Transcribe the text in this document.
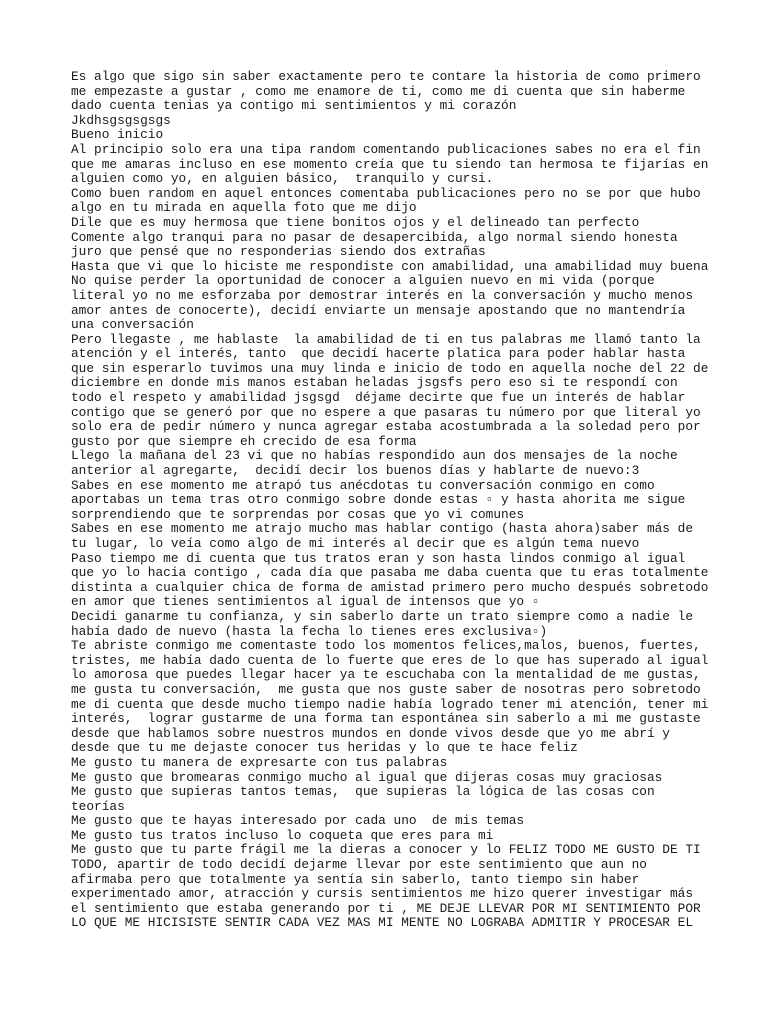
Es algo que sigo sin saber exactamente pero te contare la historia de como primero
me empezaste a gustar , como me enamore de ti, como me di cuenta que sin haberme
dado cuenta tenias ya contigo mi sentimientos y mi corazón
Jkdhsgsgsgsgs
Bueno inicio
Al principio solo era una tipa random comentando publicaciones sabes no era el fin
que me amaras incluso en ese momento creía que tu siendo tan hermosa te fijarías en
alguien como yo, en alguien básico,  tranquilo y cursi.
Como buen random en aquel entonces comentaba publicaciones pero no se por que hubo
algo en tu mirada en aquella foto que me dijo
Dile que es muy hermosa que tiene bonitos ojos y el delineado tan perfecto
Comente algo tranqui para no pasar de desapercibida, algo normal siendo honesta
juro que pensé que no responderias siendo dos extrañas
Hasta que vi que lo hiciste me respondiste con amabilidad, una amabilidad muy buena
No quise perder la oportunidad de conocer a alguien nuevo en mi vida (porque
literal yo no me esforzaba por demostrar interés en la conversación y mucho menos
amor antes de conocerte), decidí enviarte un mensaje apostando que no mantendría
una conversación
Pero llegaste , me hablaste  la amabilidad de ti en tus palabras me llamó tanto la
atención y el interés, tanto  que decidí hacerte platica para poder hablar hasta
que sin esperarlo tuvimos una muy linda e inicio de todo en aquella noche del 22 de
diciembre en donde mis manos estaban heladas jsgsfs pero eso si te respondí con
todo el respeto y amabilidad jsgsgd  déjame decirte que fue un interés de hablar
contigo que se generó por que no espere a que pasaras tu número por que literal yo
solo era de pedir número y nunca agregar estaba acostumbrada a la soledad pero por
gusto por que siempre eh crecido de esa forma
Llego la mañana del 23 vi que no habías respondido aun dos mensajes de la noche
anterior al agregarte,  decidí decir los buenos días y hablarte de nuevo:3
Sabes en ese momento me atrapó tus anécdotas tu conversación conmigo en como
aportabas un tema tras otro conmigo sobre donde estas ▫ y hasta ahorita me sigue
sorprendiendo que te sorprendas por cosas que yo vi comunes
Sabes en ese momento me atrajo mucho mas hablar contigo (hasta ahora)saber más de
tu lugar, lo veía como algo de mi interés al decir que es algún tema nuevo
Paso tiempo me di cuenta que tus tratos eran y son hasta lindos conmigo al igual
que yo lo hacia contigo , cada día que pasaba me daba cuenta que tu eras totalmente
distinta a cualquier chica de forma de amistad primero pero mucho después sobretodo
en amor que tienes sentimientos al igual de intensos que yo ▫
Decidi ganarme tu confianza, y sin saberlo darte un trato siempre como a nadie le
había dado de nuevo (hasta la fecha lo tienes eres exclusiva▫)
Te abriste conmigo me comentaste todo los momentos felices,malos, buenos, fuertes,
tristes, me había dado cuenta de lo fuerte que eres de lo que has superado al igual
lo amorosa que puedes llegar hacer ya te escuchaba con la mentalidad de me gustas,
me gusta tu conversación,  me gusta que nos guste saber de nosotras pero sobretodo
me di cuenta que desde mucho tiempo nadie había logrado tener mi atención, tener mi
interés,  lograr gustarme de una forma tan espontánea sin saberlo a mi me gustaste
desde que hablamos sobre nuestros mundos en donde vivos desde que yo me abrí y
desde que tu me dejaste conocer tus heridas y lo que te hace feliz
Me gusto tu manera de expresarte con tus palabras
Me gusto que bromearas conmigo mucho al igual que dijeras cosas muy graciosas
Me gusto que supieras tantos temas,  que supieras la lógica de las cosas con
teorías
Me gusto que te hayas interesado por cada uno  de mis temas
Me gusto tus tratos incluso lo coqueta que eres para mi
Me gusto que tu parte frágil me la dieras a conocer y lo FELIZ TODO ME GUSTO DE TI
TODO, apartir de todo decidí dejarme llevar por este sentimiento que aun no
afirmaba pero que totalmente ya sentía sin saberlo, tanto tiempo sin haber
experimentado amor, atracción y cursis sentimientos me hizo querer investigar más
el sentimiento que estaba generando por ti , ME DEJE LLEVAR POR MI SENTIMIENTO POR
LO QUE ME HICISISTE SENTIR CADA VEZ MAS MI MENTE NO LOGRABA ADMITIR Y PROCESAR EL
